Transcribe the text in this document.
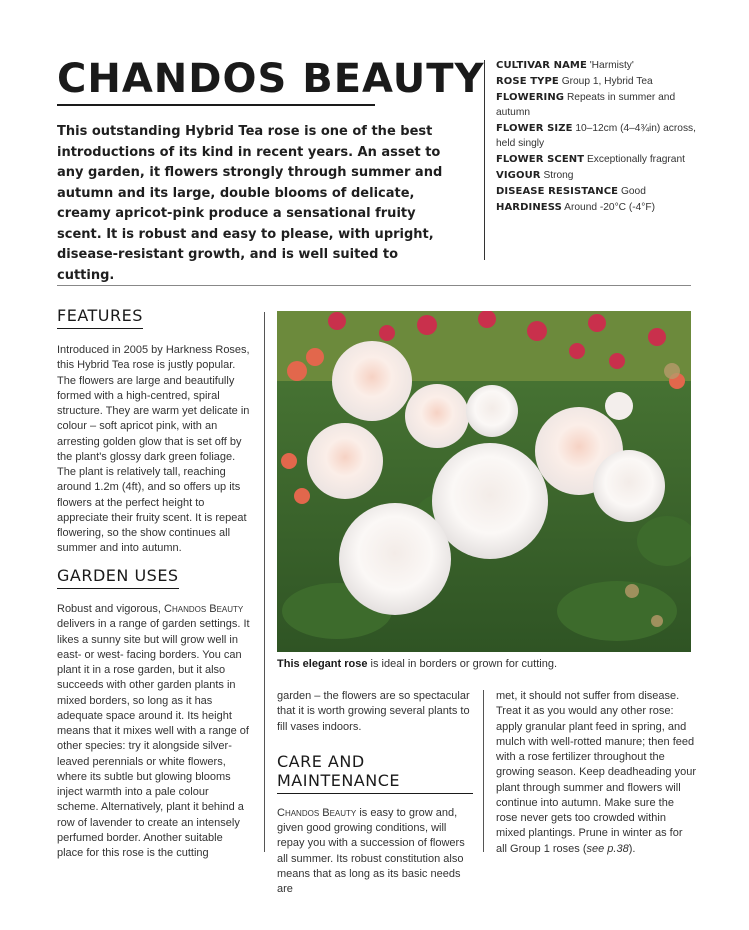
CHANDOS BEAUTY

This outstanding Hybrid Tea rose is one of the best introductions of its kind in recent years. An asset to any garden, it flowers strongly through summer and autumn and its large, double blooms of delicate, creamy apricot-pink produce a sensational fruity scent. It is robust and easy to please, with upright, disease-resistant growth, and is well suited to cutting.

CULTIVAR NAME 'Harmisty'
ROSE TYPE Group 1, Hybrid Tea
FLOWERING Repeats in summer and autumn
FLOWER SIZE 10–12cm (4–4¾in) across, held singly
FLOWER SCENT Exceptionally fragrant
VIGOUR Strong
DISEASE RESISTANCE Good
HARDINESS Around -20°C (-4°F)
FEATURES

Introduced in 2005 by Harkness Roses, this Hybrid Tea rose is justly popular. The flowers are large and beautifully formed with a high-centred, spiral structure. They are warm yet delicate in colour – soft apricot pink, with an arresting golden glow that is set off by the plant's glossy dark green foliage. The plant is relatively tall, reaching around 1.2m (4ft), and so offers up its flowers at the perfect height to appreciate their fruity scent. It is repeat flowering, so the show continues all summer and into autumn.

GARDEN USES

Robust and vigorous, Chandos Beauty delivers in a range of garden settings. It likes a sunny site but will grow well in east- or west- facing borders. You can plant it in a rose garden, but it also succeeds with other garden plants in mixed borders, so long as it has adequate space around it. Its height means that it mixes well with a range of other species: try it alongside silver-leaved perennials or white flowers, where its subtle but glowing blooms inject warmth into a pale colour scheme. Alternatively, plant it behind a row of lavender to create an intensely perfumed border. Another suitable place for this rose is the cutting

This elegant rose is ideal in borders or grown for cutting.

garden – the flowers are so spectacular that it is worth growing several plants to fill vases indoors.

CARE AND MAINTENANCE

Chandos Beauty is easy to grow and, given good growing conditions, will repay you with a succession of flowers all summer. Its robust constitution also means that as long as its basic needs are

met, it should not suffer from disease. Treat it as you would any other rose: apply granular plant feed in spring, and mulch with well-rotted manure; then feed with a rose fertilizer throughout the growing season. Keep deadheading your plant through summer and flowers will continue into autumn. Make sure the rose never gets too crowded within mixed plantings. Prune in winter as for all Group 1 roses (see p.38).
